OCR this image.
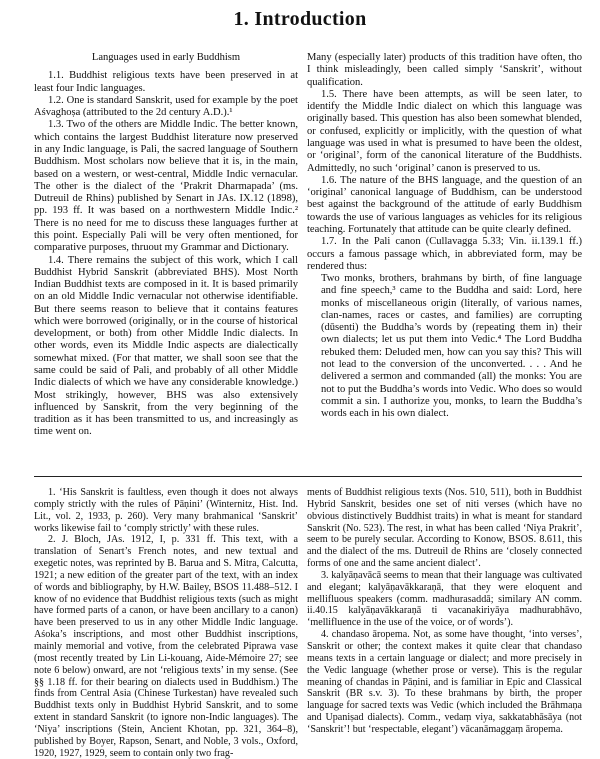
1. Introduction

Languages used in early Buddhism

1.1. Buddhist religious texts have been preserved in at least four Indic languages.

1.2. One is standard Sanskrit, used for example by the poet Aśvaghoṣa (attributed to the 2d century A.D.).¹

1.3. Two of the others are Middle Indic. The better known, which contains the largest Buddhist literature now preserved in any Indic language, is Pali, the sacred language of Southern Buddhism. Most scholars now believe that it is, in the main, based on a western, or west-central, Middle Indic vernacular. The other is the dialect of the ‘Prakrit Dharmapada’ (ms. Dutreuil de Rhins) published by Senart in JAs. IX.12 (1898), pp. 193 ff. It was based on a northwestern Middle Indic.² There is no need for me to discuss these languages further at this point. Especially Pali will be very often mentioned, for comparative purposes, thruout my Grammar and Dictionary.

1.4. There remains the subject of this work, which I call Buddhist Hybrid Sanskrit (abbreviated BHS). Most North Indian Buddhist texts are composed in it. It is based primarily on an old Middle Indic vernacular not otherwise identifiable. But there seems reason to believe that it contains features which were borrowed (originally, or in the course of historical development, or both) from other Middle Indic dialects. In other words, even its Middle Indic aspects are dialectically somewhat mixed. (For that matter, we shall soon see that the same could be said of Pali, and probably of all other Middle Indic dialects of which we have any considerable knowledge.) Most strikingly, however, BHS was also extensively influenced by Sanskrit, from the very beginning of the tradition as it has been transmitted to us, and increasingly as time went on.

Many (especially later) products of this tradition have often, tho I think misleadingly, been called simply ‘Sanskrit’, without qualification.

1.5. There have been attempts, as will be seen later, to identify the Middle Indic dialect on which this language was originally based. This question has also been somewhat blended, or confused, explicitly or implicitly, with the question of what language was used in what is presumed to have been the oldest, or ‘original’, form of the canonical literature of the Buddhists. Admittedly, no such ‘original’ canon is preserved to us.

1.6. The nature of the BHS language, and the question of an ‘original’ canonical language of Buddhism, can be understood best against the background of the attitude of early Buddhism towards the use of various languages as vehicles for its religious teaching. Fortunately that attitude can be quite clearly defined.

1.7. In the Pali canon (Cullavagga 5.33; Vin. ii.139.1 ff.) occurs a famous passage which, in abbreviated form, may be rendered thus:

Two monks, brothers, brahmans by birth, of fine language and fine speech,³ came to the Buddha and said: Lord, here monks of miscellaneous origin (literally, of various names, clan-names, races or castes, and families) are corrupting (dūsenti) the Buddha’s words by (repeating them in) their own dialects; let us put them into Vedic.⁴ The Lord Buddha rebuked them: Deluded men, how can you say this? This will not lead to the conversion of the unconverted. . . . And he delivered a sermon and commanded (all) the monks: You are not to put the Buddha’s words into Vedic. Who does so would commit a sin. I authorize you, monks, to learn the Buddha’s words each in his own dialect.

1. ‘His Sanskrit is faultless, even though it does not always comply strictly with the rules of Pāṇini’ (Winternitz, Hist. Ind. Lit., vol. 2, 1933, p. 260). Very many brahmanical ‘Sanskrit’ works likewise fail to ‘comply strictly’ with these rules.

2. J. Bloch, JAs. 1912, I, p. 331 ff. This text, with a translation of Senart’s French notes, and new textual and exegetic notes, was reprinted by B. Barua and S. Mitra, Calcutta, 1921; a new edition of the greater part of the text, with an index of words and bibliography, by H.W. Bailey, BSOS 11.488–512. I know of no evidence that Buddhist religious texts (such as might have formed parts of a canon, or have been ancillary to a canon) have been preserved to us in any other Middle Indic language. Aśoka’s inscriptions, and most other Buddhist inscriptions, mainly memorial and votive, from the celebrated Piprawa vase (most recently treated by Lin Li-kouang, Aide-Mémoire 27; see note 6 below) onward, are not ‘religious texts’ in my sense. (See §§ 1.18 ff. for their bearing on dialects used in Buddhism.) The finds from Central Asia (Chinese Turkestan) have revealed such Buddhist texts only in Buddhist Hybrid Sanskrit, and to some extent in standard Sanskrit (to ignore non-Indic languages). The ‘Niya’ inscriptions (Stein, Ancient Khotan, pp. 321, 364–8), published by Boyer, Rapson, Senart, and Noble, 3 vols., Oxford, 1920, 1927, 1929, seem to contain only two frag-

ments of Buddhist religious texts (Nos. 510, 511), both in Buddhist Hybrid Sanskrit, besides one set of niti verses (which have no obvious distinctively Buddhist traits) in what is meant for standard Sanskrit (No. 523). The rest, in what has been called ‘Niya Prakrit’, seem to be purely secular. According to Konow, BSOS. 8.611, this and the dialect of the ms. Dutreuil de Rhins are ‘closely connected forms of one and the same ancient dialect’.

3. kalyāṇavācā seems to mean that their language was cultivated and elegant; kalyāṇavākkaraṇā, that they were eloquent and mellifluous speakers (comm. madhurasaddā; similary AN comm. ii.40.15 kalyāṇavākkaraṇā ti vacanakiriyāya madhurabhāvo, ‘mellifluence in the use of the voice, or of words’).

4. chandaso āropema. Not, as some have thought, ‘into verses’, Sanskrit or other; the context makes it quite clear that chandaso means texts in a certain language or dialect; and more precisely in the Vedic language (whether prose or verse). This is the regular meaning of chandas in Pāṇini, and is familiar in Epic and Classical Sanskrit (BR s.v. 3). To these brahmans by birth, the proper language for sacred texts was Vedic (which included the Brāhmaṇa and Upaniṣad dialects). Comm., vedaṃ viya, sakkatabhāsāya (not ‘Sanskrit’! but ‘respectable, elegant’) vācanāmaggaṃ āropema.
